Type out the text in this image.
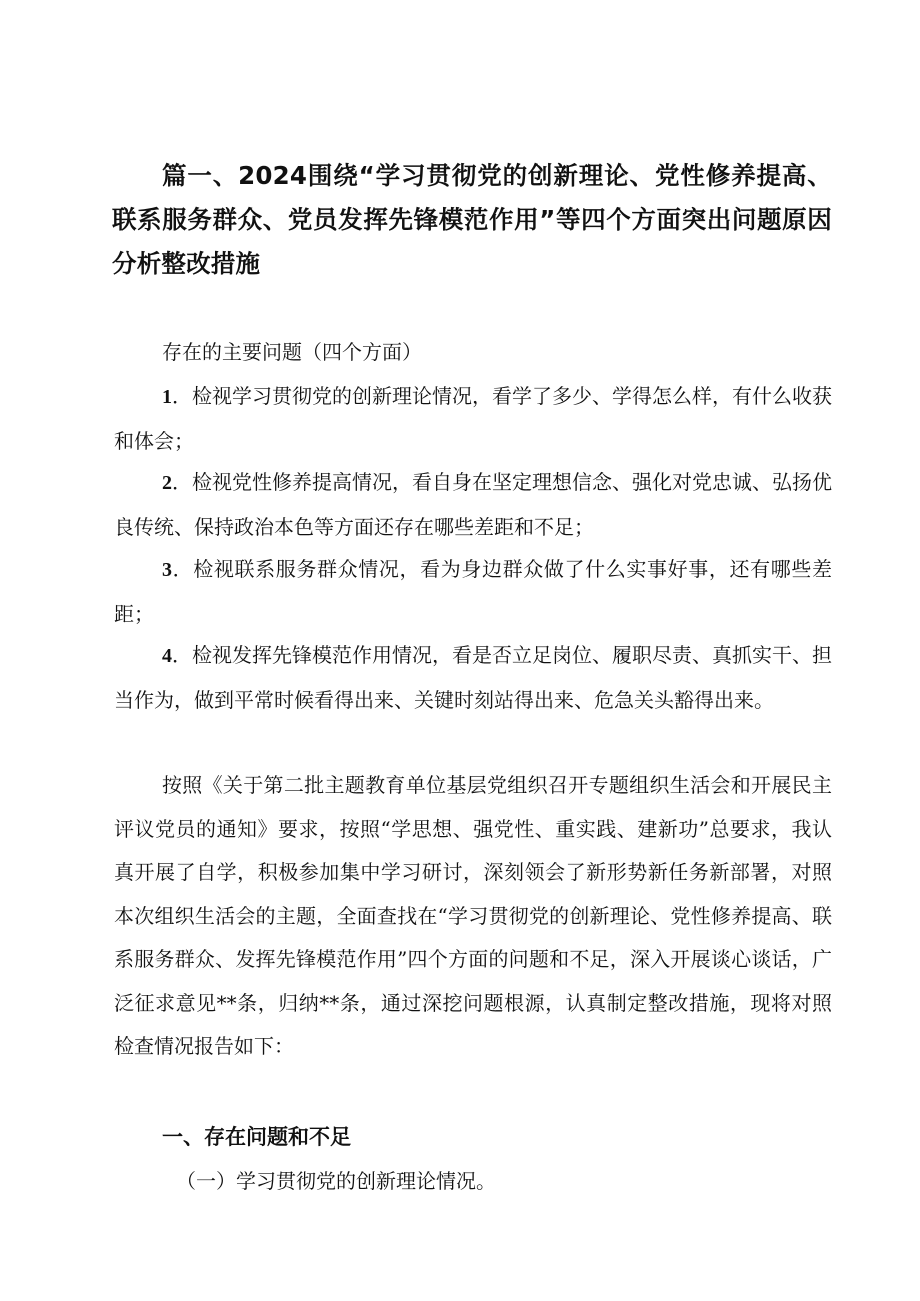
篇一、2024围绕“学习贯彻党的创新理论、党性修养提高、联系服务群众、党员发挥先锋模范作用”等四个方面突出问题原因分析整改措施

存在的主要问题（四个方面）

1．检视学习贯彻党的创新理论情况，看学了多少、学得怎么样，有什么收获和体会；

2．检视党性修养提高情况，看自身在坚定理想信念、强化对党忠诚、弘扬优良传统、保持政治本色等方面还存在哪些差距和不足；

3．检视联系服务群众情况，看为身边群众做了什么实事好事，还有哪些差距；

4．检视发挥先锋模范作用情况，看是否立足岗位、履职尽责、真抓实干、担当作为，做到平常时候看得出来、关键时刻站得出来、危急关头豁得出来。

按照《关于第二批主题教育单位基层党组织召开专题组织生活会和开展民主评议党员的通知》要求，按照“学思想、强党性、重实践、建新功”总要求，我认真开展了自学，积极参加集中学习研讨，深刻领会了新形势新任务新部署，对照本次组织生活会的主题，全面查找在“学习贯彻党的创新理论、党性修养提高、联系服务群众、发挥先锋模范作用”四个方面的问题和不足，深入开展谈心谈话，广泛征求意见**条，归纳**条，通过深挖问题根源，认真制定整改措施，现将对照检查情况报告如下：

一、存在问题和不足

（一）学习贯彻党的创新理论情况。
